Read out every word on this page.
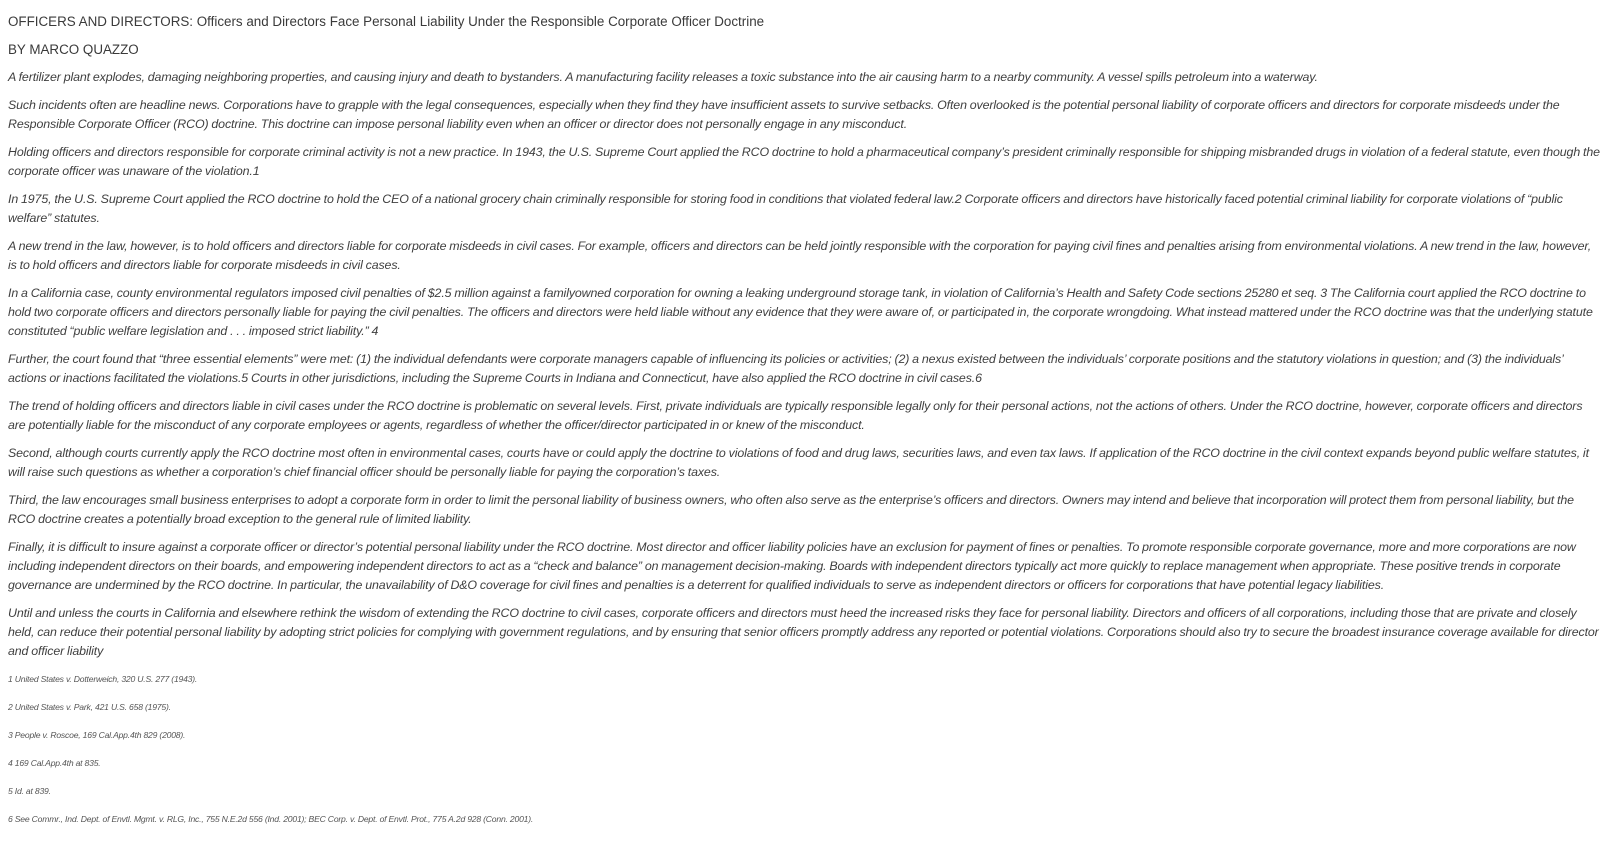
OFFICERS AND DIRECTORS: Officers and Directors Face Personal Liability Under the Responsible Corporate Officer Doctrine
BY MARCO QUAZZO

A fertilizer plant explodes, damaging neighboring properties, and causing injury and death to bystanders. A manufacturing facility releases a toxic substance into the air causing harm to a nearby community. A vessel spills petroleum into a waterway.

Such incidents often are headline news. Corporations have to grapple with the legal consequences, especially when they find they have insufficient assets to survive setbacks. Often overlooked is the potential personal liability of corporate officers and directors for corporate misdeeds under the Responsible Corporate Officer (RCO) doctrine. This doctrine can impose personal liability even when an officer or director does not personally engage in any misconduct.

Holding officers and directors responsible for corporate criminal activity is not a new practice. In 1943, the U.S. Supreme Court applied the RCO doctrine to hold a pharmaceutical company’s president criminally responsible for shipping misbranded drugs in violation of a federal statute, even though the corporate officer was unaware of the violation.1

In 1975, the U.S. Supreme Court applied the RCO doctrine to hold the CEO of a national grocery chain criminally responsible for storing food in conditions that violated federal law.2 Corporate officers and directors have historically faced potential criminal liability for corporate violations of “public welfare” statutes.

A new trend in the law, however, is to hold officers and directors liable for corporate misdeeds in civil cases. For example, officers and directors can be held jointly responsible with the corporation for paying civil fines and penalties arising from environmental violations. A new trend in the law, however, is to hold officers and directors liable for corporate misdeeds in civil cases.

In a California case, county environmental regulators imposed civil penalties of $2.5 million against a familyowned corporation for owning a leaking underground storage tank, in violation of California’s Health and Safety Code sections 25280 et seq. 3 The California court applied the RCO doctrine to hold two corporate officers and directors personally liable for paying the civil penalties. The officers and directors were held liable without any evidence that they were aware of, or participated in, the corporate wrongdoing. What instead mattered under the RCO doctrine was that the underlying statute constituted “public welfare legislation and . . . imposed strict liability.” 4

Further, the court found that “three essential elements” were met: (1) the individual defendants were corporate managers capable of influencing its policies or activities; (2) a nexus existed between the individuals’ corporate positions and the statutory violations in question; and (3) the individuals’ actions or inactions facilitated the violations.5 Courts in other jurisdictions, including the Supreme Courts in Indiana and Connecticut, have also applied the RCO doctrine in civil cases.6

The trend of holding officers and directors liable in civil cases under the RCO doctrine is problematic on several levels. First, private individuals are typically responsible legally only for their personal actions, not the actions of others. Under the RCO doctrine, however, corporate officers and directors are potentially liable for the misconduct of any corporate employees or agents, regardless of whether the officer/director participated in or knew of the misconduct.

Second, although courts currently apply the RCO doctrine most often in environmental cases, courts have or could apply the doctrine to violations of food and drug laws, securities laws, and even tax laws. If application of the RCO doctrine in the civil context expands beyond public welfare statutes, it will raise such questions as whether a corporation’s chief financial officer should be personally liable for paying the corporation’s taxes.

Third, the law encourages small business enterprises to adopt a corporate form in order to limit the personal liability of business owners, who often also serve as the enterprise’s officers and directors. Owners may intend and believe that incorporation will protect them from personal liability, but the RCO doctrine creates a potentially broad exception to the general rule of limited liability.

Finally, it is difficult to insure against a corporate officer or director’s potential personal liability under the RCO doctrine. Most director and officer liability policies have an exclusion for payment of fines or penalties. To promote responsible corporate governance, more and more corporations are now including independent directors on their boards, and empowering independent directors to act as a “check and balance” on management decision-making. Boards with independent directors typically act more quickly to replace management when appropriate. These positive trends in corporate governance are undermined by the RCO doctrine. In particular, the unavailability of D&O coverage for civil fines and penalties is a deterrent for qualified individuals to serve as independent directors or officers for corporations that have potential legacy liabilities.

Until and unless the courts in California and elsewhere rethink the wisdom of extending the RCO doctrine to civil cases, corporate officers and directors must heed the increased risks they face for personal liability. Directors and officers of all corporations, including those that are private and closely held, can reduce their potential personal liability by adopting strict policies for complying with government regulations, and by ensuring that senior officers promptly address any reported or potential violations. Corporations should also try to secure the broadest insurance coverage available for director and officer liability

1 United States v. Dotterweich, 320 U.S. 277 (1943).

2 United States v. Park, 421 U.S. 658 (1975).

3 People v. Roscoe, 169 Cal.App.4th 829 (2008).

4 169 Cal.App.4th at 835.

5 Id. at 839.

6 See Commr., Ind. Dept. of Envtl. Mgmt. v. RLG, Inc., 755 N.E.2d 556 (Ind. 2001); BEC Corp. v. Dept. of Envtl. Prot., 775 A.2d 928 (Conn. 2001).
